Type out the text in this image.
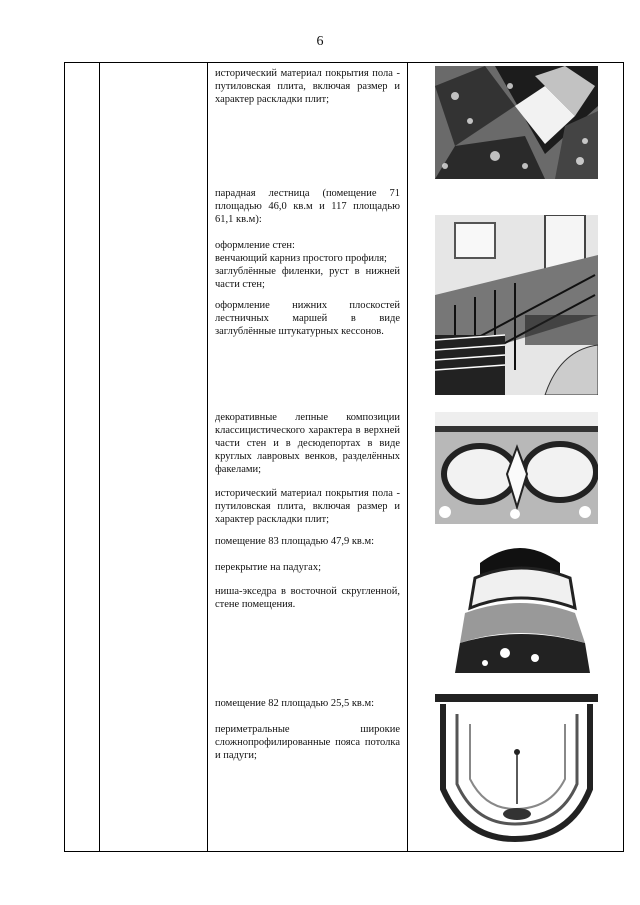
6
исторический материал покрытия пола - путиловская плита, включая размер и характер раскладки плит;
парадная лестница (помещение 71 площадью 46,0 кв.м и 117 площадью 61,1 кв.м):
оформление стен:
венчающий карниз простого профиля;
заглублённые филенки, руст в нижней части стен;
оформление нижних плоскостей лестничных маршей в виде заглублённые штукатурных кессонов.
декоративные лепные композиции классицистического характера в верхней части стен и в десюдепортах в виде круглых лавровых венков, разделённых факелами;
исторический материал покрытия пола - путиловская плита, включая размер и характер раскладки плит;
помещение 83 площадью 47,9 кв.м:
перекрытие на падугах;
ниша-экседра в восточной скругленной, стене помещения.
помещение 82 площадью 25,5 кв.м:
периметральные широкие сложнопрофилированные пояса потолка и падуги;
